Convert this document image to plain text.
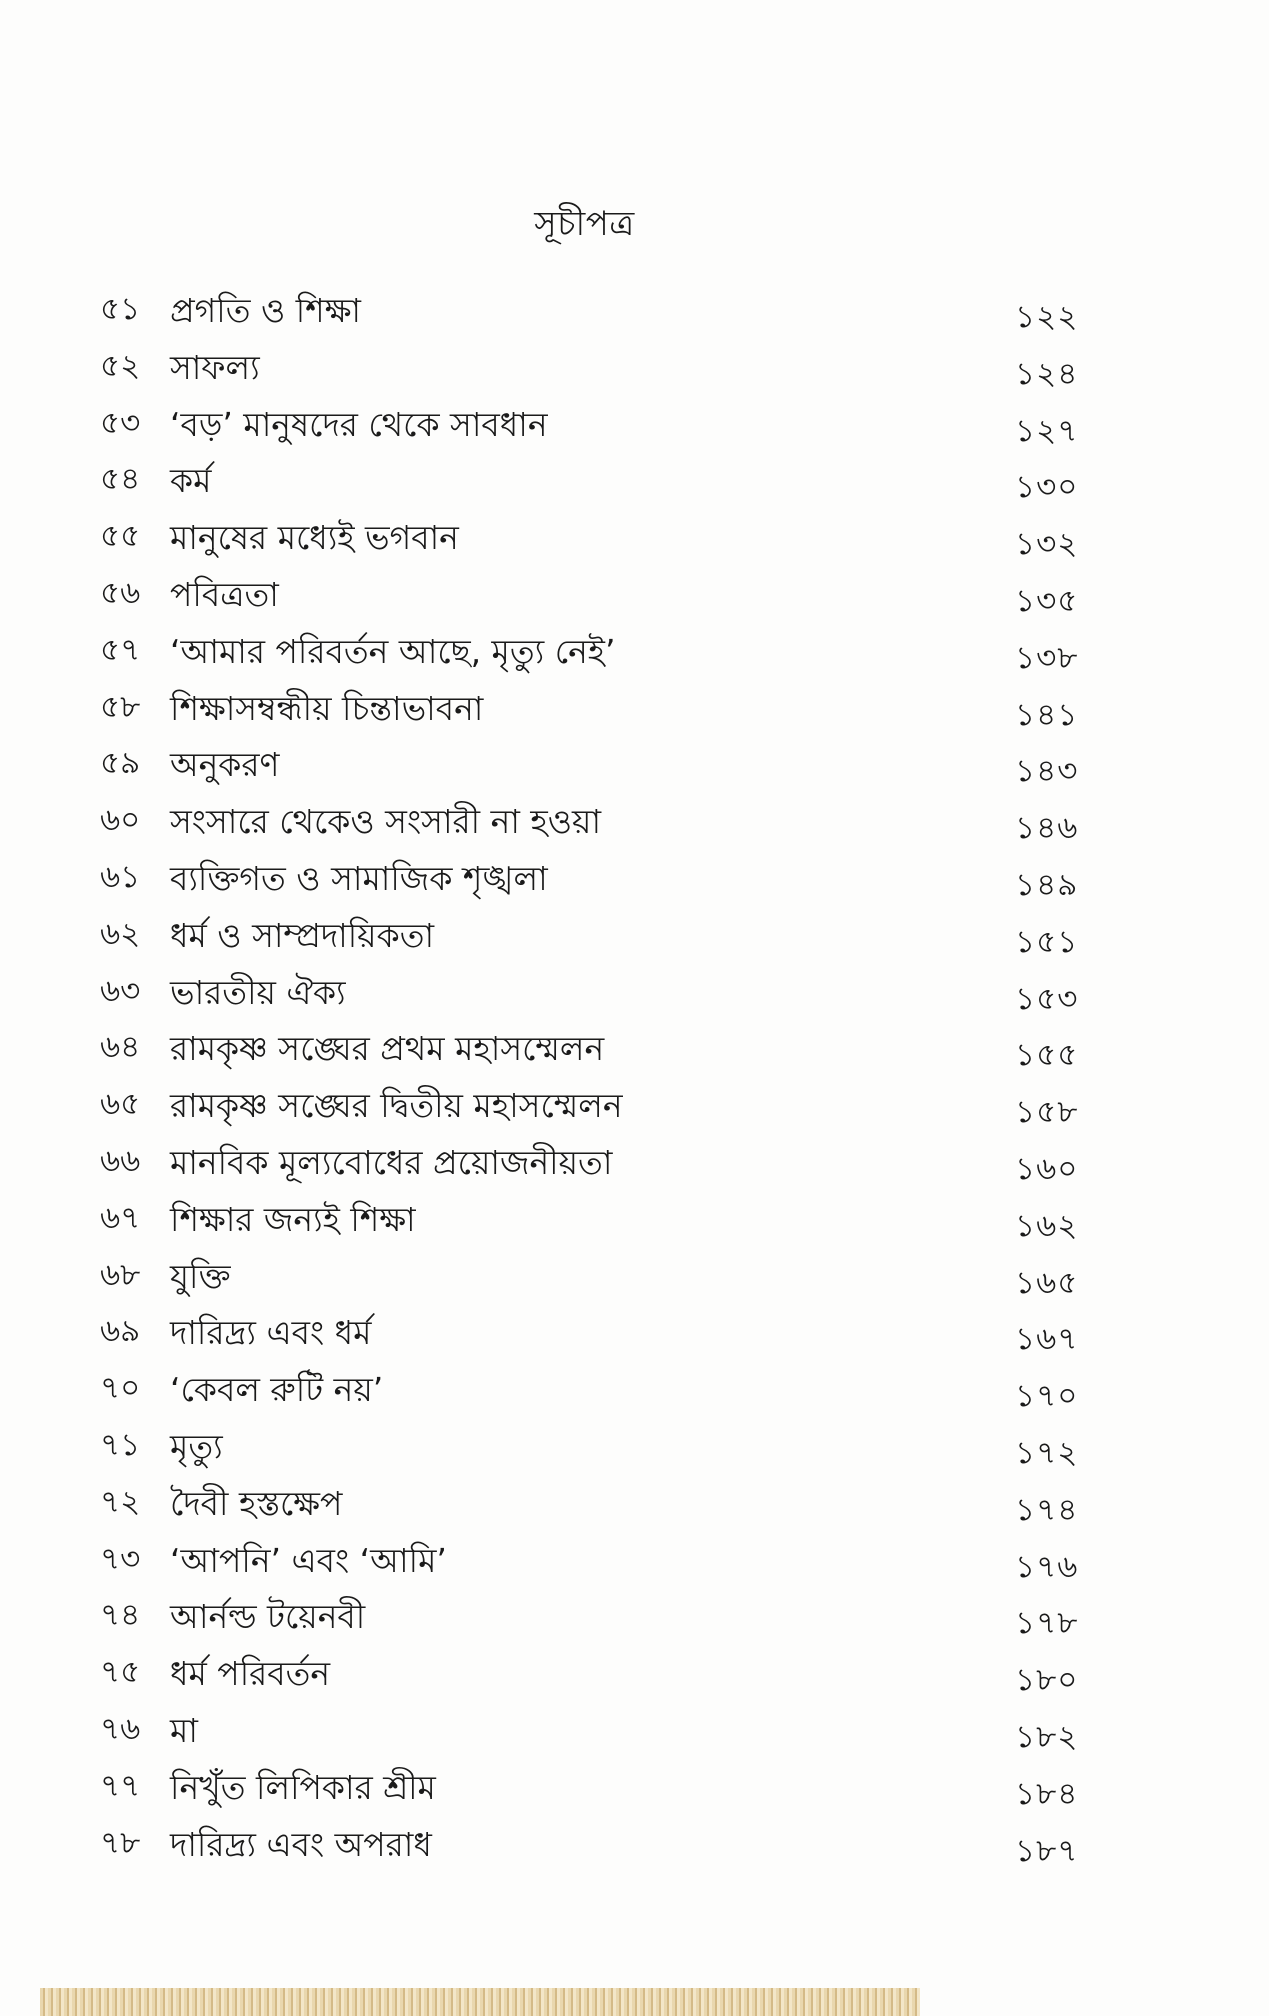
সূচীপত্র
৫১ প্রগতি ও শিক্ষা	১২২
৫২ সাফল্য	১২৪
৫৩ ‘বড়’ মানুষদের থেকে সাবধান	১২৭
৫৪ কর্ম	১৩০
৫৫ মানুষের মধ্যেই ভগবান	১৩২
৫৬ পবিত্রতা	১৩৫
৫৭ ‘আমার পরিবর্তন আছে, মৃত্যু নেই’	১৩৮
৫৮ শিক্ষাসম্বন্ধীয় চিন্তাভাবনা	১৪১
৫৯ অনুকরণ	১৪৩
৬০ সংসারে থেকেও সংসারী না হওয়া	১৪৬
৬১ ব্যক্তিগত ও সামাজিক শৃঙ্খলা	১৪৯
৬২ ধর্ম ও সাম্প্রদায়িকতা	১৫১
৬৩ ভারতীয় ঐক্য	১৫৩
৬৪ রামকৃষ্ণ সঙ্ঘের প্রথম মহাসম্মেলন	১৫৫
৬৫ রামকৃষ্ণ সঙ্ঘের দ্বিতীয় মহাসম্মেলন	১৫৮
৬৬ মানবিক মূল্যবোধের প্রয়োজনীয়তা	১৬০
৬৭ শিক্ষার জন্যই শিক্ষা	১৬২
৬৮ যুক্তি	১৬৫
৬৯ দারিদ্র্য এবং ধর্ম	১৬৭
৭০ ‘কেবল রুটি নয়’	১৭০
৭১ মৃত্যু	১৭২
৭২ দৈবী হস্তক্ষেপ	১৭৪
৭৩ ‘আপনি’ এবং ‘আমি’	১৭৬
৭৪ আর্নল্ড টয়েনবী	১৭৮
৭৫ ধর্ম পরিবর্তন	১৮০
৭৬ মা	১৮২
৭৭ নিখুঁত লিপিকার শ্রীম	১৮৪
৭৮ দারিদ্র্য এবং অপরাধ	১৮৭
